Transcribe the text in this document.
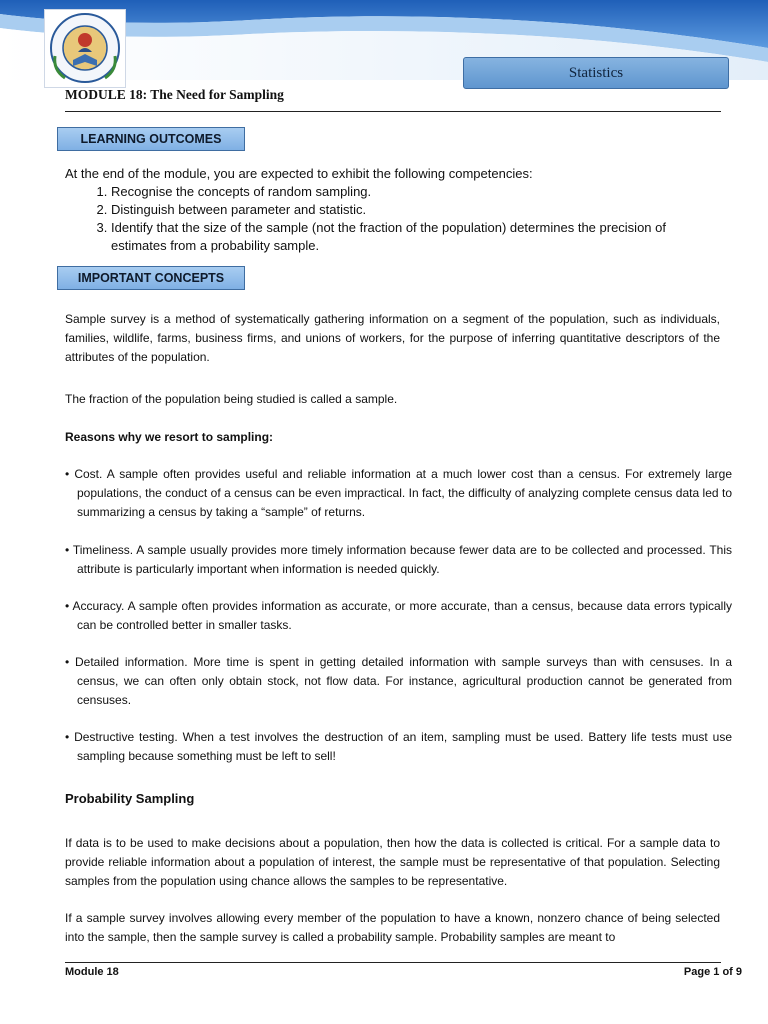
Statistics
MODULE 18: The Need for Sampling
LEARNING OUTCOMES
At the end of the module, you are expected to exhibit the following competencies:
1. Recognise the concepts of random sampling.
2. Distinguish between parameter and statistic.
3. Identify that the size of the sample (not the fraction of the population) determines the precision of estimates from a probability sample.
IMPORTANT CONCEPTS
Sample survey is a method of systematically gathering information on a segment of the population, such as individuals, families, wildlife, farms, business firms, and unions of workers, for the purpose of inferring quantitative descriptors of the attributes of the population.
The fraction of the population being studied is called a sample.
Reasons why we resort to sampling:
• Cost. A sample often provides useful and reliable information at a much lower cost than a census. For extremely large populations, the conduct of a census can be even impractical. In fact, the difficulty of analyzing complete census data led to summarizing a census by taking a “sample” of returns.
• Timeliness. A sample usually provides more timely information because fewer data are to be collected and processed. This attribute is particularly important when information is needed quickly.
• Accuracy. A sample often provides information as accurate, or more accurate, than a census, because data errors typically can be controlled better in smaller tasks.
• Detailed information. More time is spent in getting detailed information with sample surveys than with censuses. In a census, we can often only obtain stock, not flow data. For instance, agricultural production cannot be generated from censuses.
• Destructive testing. When a test involves the destruction of an item, sampling must be used. Battery life tests must use sampling because something must be left to sell!
Probability Sampling
If data is to be used to make decisions about a population, then how the data is collected is critical. For a sample data to provide reliable information about a population of interest, the sample must be representative of that population. Selecting samples from the population using chance allows the samples to be representative.
If a sample survey involves allowing every member of the population to have a known, nonzero chance of being selected into the sample, then the sample survey is called a probability sample. Probability samples are meant to
Module 18	Page 1 of 9
